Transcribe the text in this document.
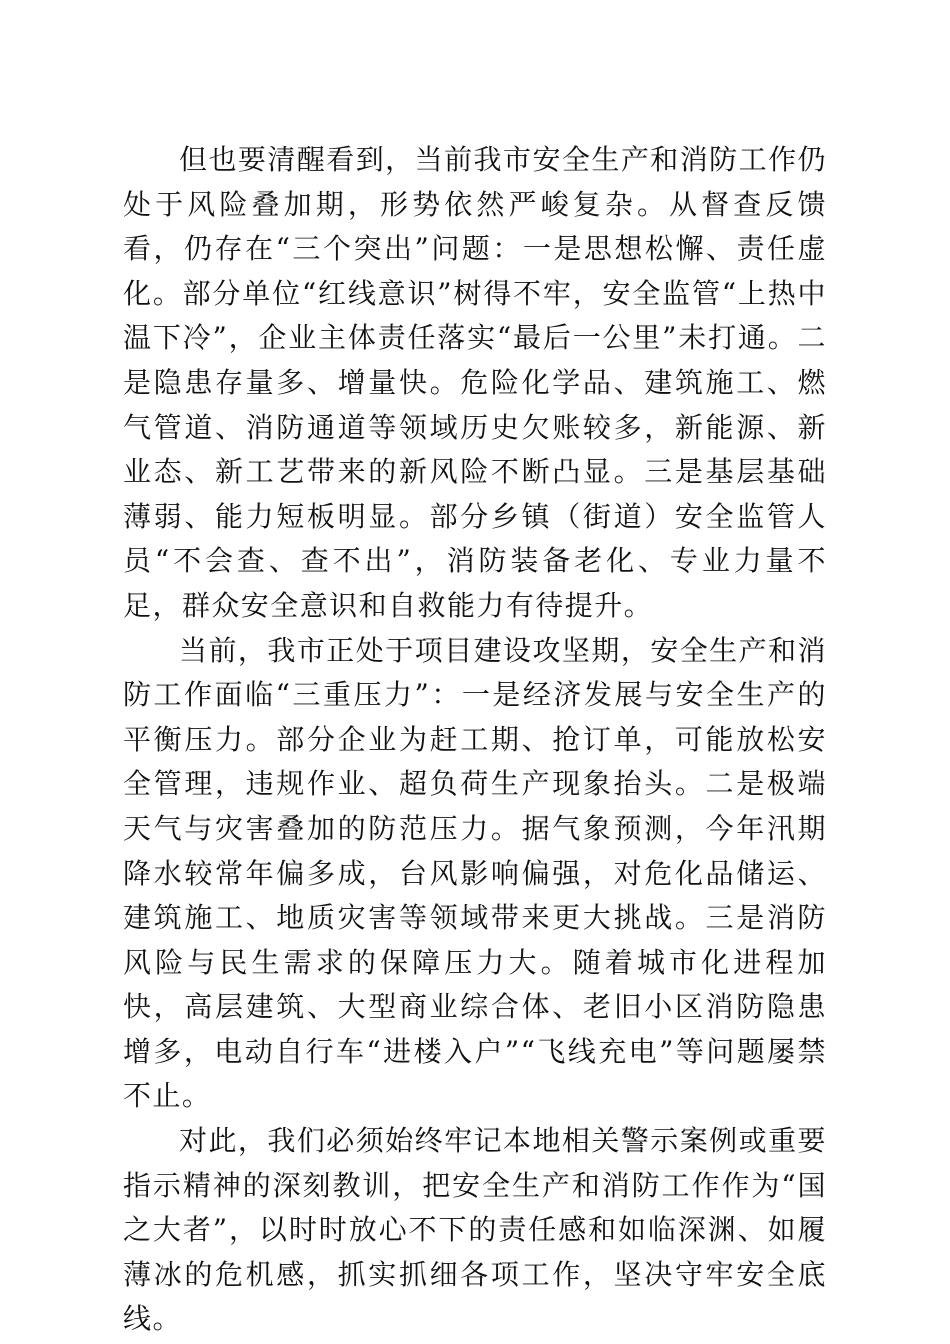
但也要清醒看到，当前我市安全生产和消防工作仍处于风险叠加期，形势依然严峻复杂。从督查反馈看，仍存在“三个突出”问题：一是思想松懈、责任虚化。部分单位“红线意识”树得不牢，安全监管“上热中温下冷”，企业主体责任落实“最后一公里”未打通。二是隐患存量多、增量快。危险化学品、建筑施工、燃气管道、消防通道等领域历史欠账较多，新能源、新业态、新工艺带来的新风险不断凸显。三是基层基础薄弱、能力短板明显。部分乡镇（街道）安全监管人员“不会查、查不出”，消防装备老化、专业力量不足，群众安全意识和自救能力有待提升。

当前，我市正处于项目建设攻坚期，安全生产和消防工作面临“三重压力”：一是经济发展与安全生产的平衡压力。部分企业为赶工期、抢订单，可能放松安全管理，违规作业、超负荷生产现象抬头。二是极端天气与灾害叠加的防范压力。据气象预测，今年汛期降水较常年偏多成，台风影响偏强，对危化品储运、建筑施工、地质灾害等领域带来更大挑战。三是消防风险与民生需求的保障压力大。随着城市化进程加快，高层建筑、大型商业综合体、老旧小区消防隐患增多，电动自行车“进楼入户”“飞线充电”等问题屡禁不止。

对此，我们必须始终牢记本地相关警示案例或重要指示精神的深刻教训，把安全生产和消防工作作为“国之大者”，以时时放心不下的责任感和如临深渊、如履薄冰的危机感，抓实抓细各项工作，坚决守牢安全底线。
